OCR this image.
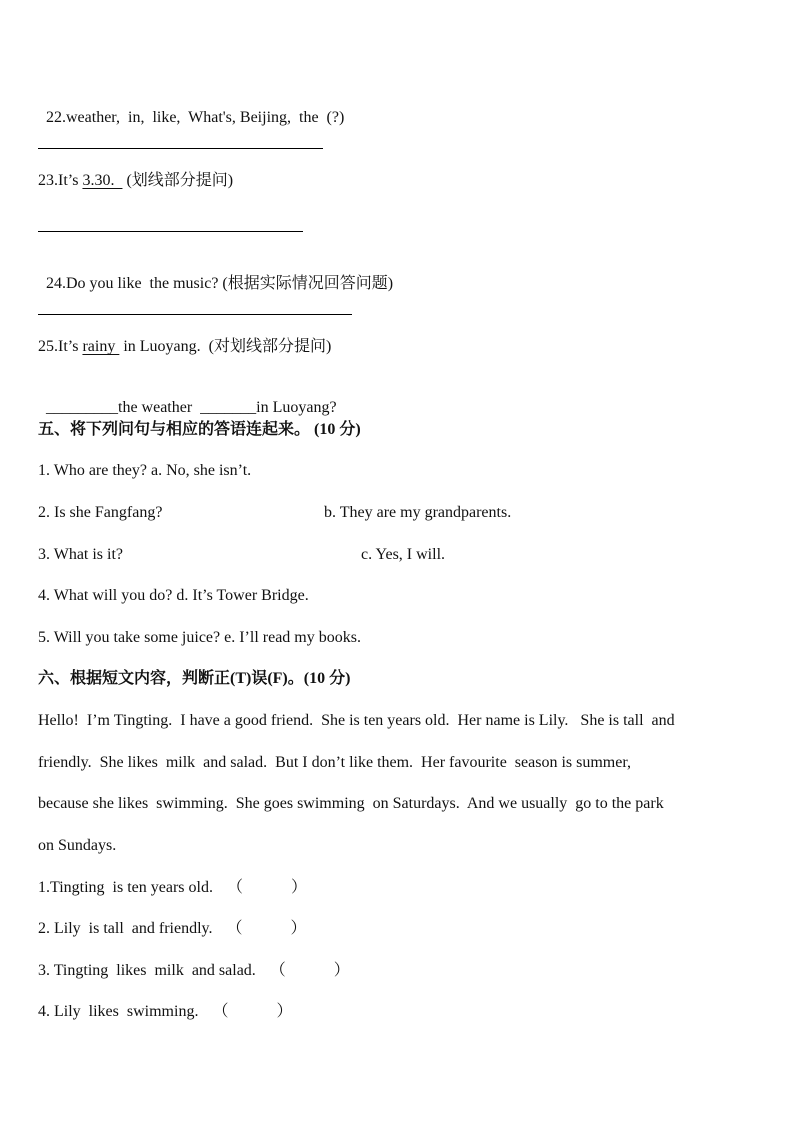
22.weather,  in,  like,  What's, Beijing,  the  (?)

23.It’s 3.30.   (划线部分提问)

24.Do you like  the music? (根据实际情况回答问题)

25.It’s rainy  in Luoyang.  (对划线部分提问)

_________the weather  _______in Luoyang?

五、将下列问句与相应的答语连起来。 (10 分)
1. Who are they? a. No, she isn’t.
2. Is she Fangfang?	b. They are my grandparents.
3. What is it?	c. Yes, I will.
4. What will you do? d. It’s Tower Bridge.
5. Will you take some juice? e. I’ll read my books.
六、根据短文内容，判断正(T)误(F)。(10 分)
Hello!  I’m Tingting.  I have a good friend.  She is ten years old.  Her name is Lily.   She is tall  and
friendly.  She likes  milk  and salad.  But I don’t like them.  Her favourite  season is summer,
because she likes  swimming.  She goes swimming  on Saturdays.  And we usually  go to the park
on Sundays.
1.Tingting  is ten years old. （            ）
2. Lily  is tall  and friendly. （            ）
3. Tingting  likes  milk  and salad. （            ）
4. Lily  likes  swimming. （            ）
